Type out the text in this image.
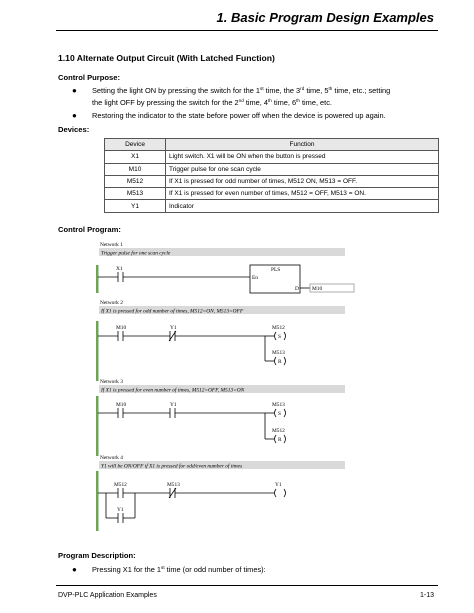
1. Basic Program Design Examples
1.10 Alternate Output Circuit (With Latched Function)
Control Purpose:
● Setting the light ON by pressing the switch for the 1st time, the 3rd time, 5th time, etc.; setting
the light OFF by pressing the switch for the 2nd time, 4th time, 6th time, etc.
● Restoring the indicator to the state before power off when the device is powered up again.
Devices:
Device	Function
X1	Light switch. X1 will be ON when the button is pressed
M10	Trigger pulse for one scan cycle
M512	If X1 is pressed for odd number of times, M512 ON, M513 = OFF.
M513	If X1 is pressed for even number of times, M512 = OFF, M513 = ON.
Y1	Indicator
Control Program:
Network 1
Trigger pulse for one scan cycle
X1	PLS
En
D M10
Network 2
If X1 is pressed for odd number of times, M512=ON, M513=OFF
M10	Y1	M512
S
M513
R
Network 3
If X1 is pressed for even number of times, M512=OFF, M513=ON
M10	Y1	M513
S
M512
R
Network 4
Y1 will be ON/OFF if X1 is pressed for odd/even number of times
M512	M513	Y1
Y1
Program Description:
● Pressing X1 for the 1st time (or odd number of times):
DVP-PLC Application Examples	1-13
